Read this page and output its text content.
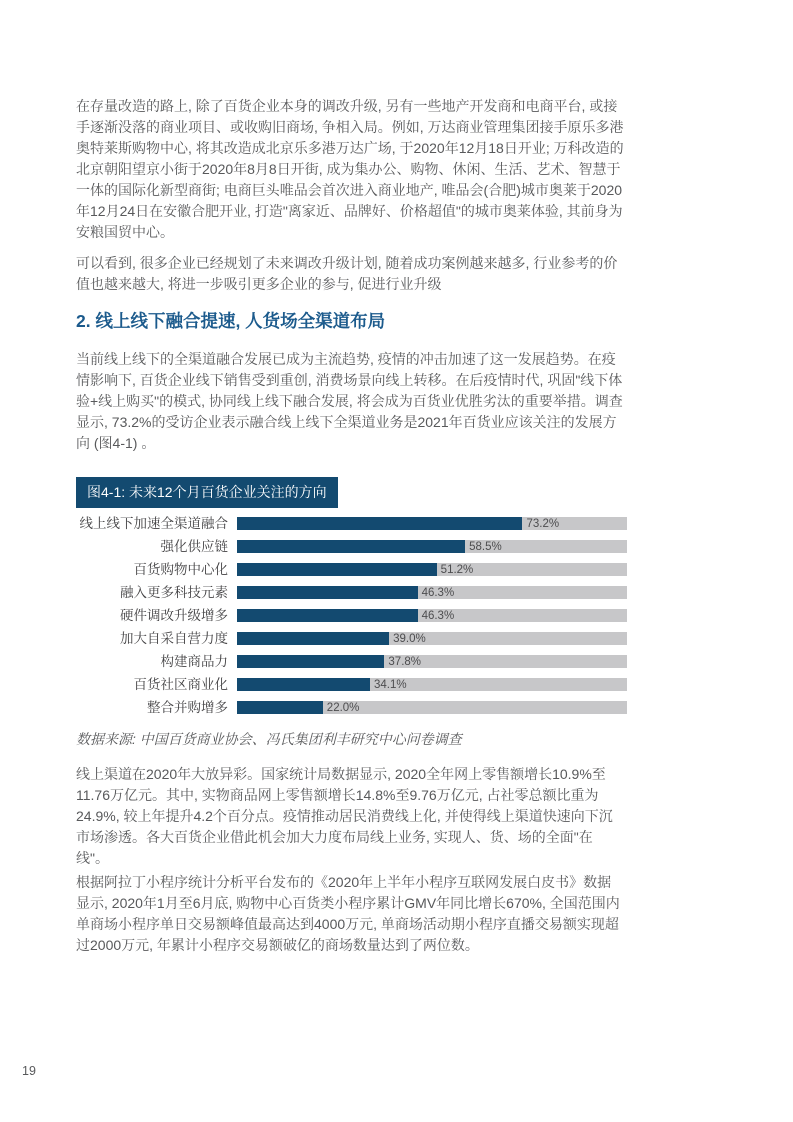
在存量改造的路上, 除了百货企业本身的调改升级, 另有一些地产开发商和电商平台, 或接手逐渐没落的商业项目、或收购旧商场, 争相入局。例如, 万达商业管理集团接手原乐多港奥特莱斯购物中心, 将其改造成北京乐多港万达广场, 于2020年12月18日开业; 万科改造的北京朝阳望京小街于2020年8月8日开街, 成为集办公、购物、休闲、生活、艺术、智慧于一体的国际化新型商街; 电商巨头唯品会首次进入商业地产, 唯品会(合肥)城市奥莱于2020年12月24日在安徽合肥开业, 打造"离家近、品牌好、价格超值"的城市奥莱体验, 其前身为安粮国贸中心。

可以看到, 很多企业已经规划了未来调改升级计划, 随着成功案例越来越多, 行业参考的价值也越来越大, 将进一步吸引更多企业的参与, 促进行业升级

2. 线上线下融合提速, 人货场全渠道布局

当前线上线下的全渠道融合发展已成为主流趋势, 疫情的冲击加速了这一发展趋势。在疫情影响下, 百货企业线下销售受到重创, 消费场景向线上转移。在后疫情时代, 巩固"线下体验+线上购买"的模式, 协同线上线下融合发展, 将会成为百货业优胜劣汰的重要举措。调查显示, 73.2%的受访企业表示融合线上线下全渠道业务是2021年百货业应该关注的发展方向 (图4-1) 。

图4-1: 未来12个月百货企业关注的方向
线上线下加速全渠道融合	73.2%
强化供应链	58.5%
百货购物中心化	51.2%
融入更多科技元素	46.3%
硬件调改升级增多	46.3%
加大自采自营力度	39.0%
构建商品力	37.8%
百货社区商业化	34.1%
整合并购增多	22.0%

数据来源: 中国百货商业协会、冯氏集团利丰研究中心问卷调查

线上渠道在2020年大放异彩。国家统计局数据显示, 2020全年网上零售额增长10.9%至11.76万亿元。其中, 实物商品网上零售额增长14.8%至9.76万亿元, 占社零总额比重为24.9%, 较上年提升4.2个百分点。疫情推动居民消费线上化, 并使得线上渠道快速向下沉市场渗透。各大百货企业借此机会加大力度布局线上业务, 实现人、货、场的全面"在线"。

根据阿拉丁小程序统计分析平台发布的《2020年上半年小程序互联网发展白皮书》数据显示, 2020年1月至6月底, 购物中心百货类小程序累计GMV年同比增长670%, 全国范围内单商场小程序单日交易额峰值最高达到4000万元, 单商场活动期小程序直播交易额实现超过2000万元, 年累计小程序交易额破亿的商场数量达到了两位数。

19
